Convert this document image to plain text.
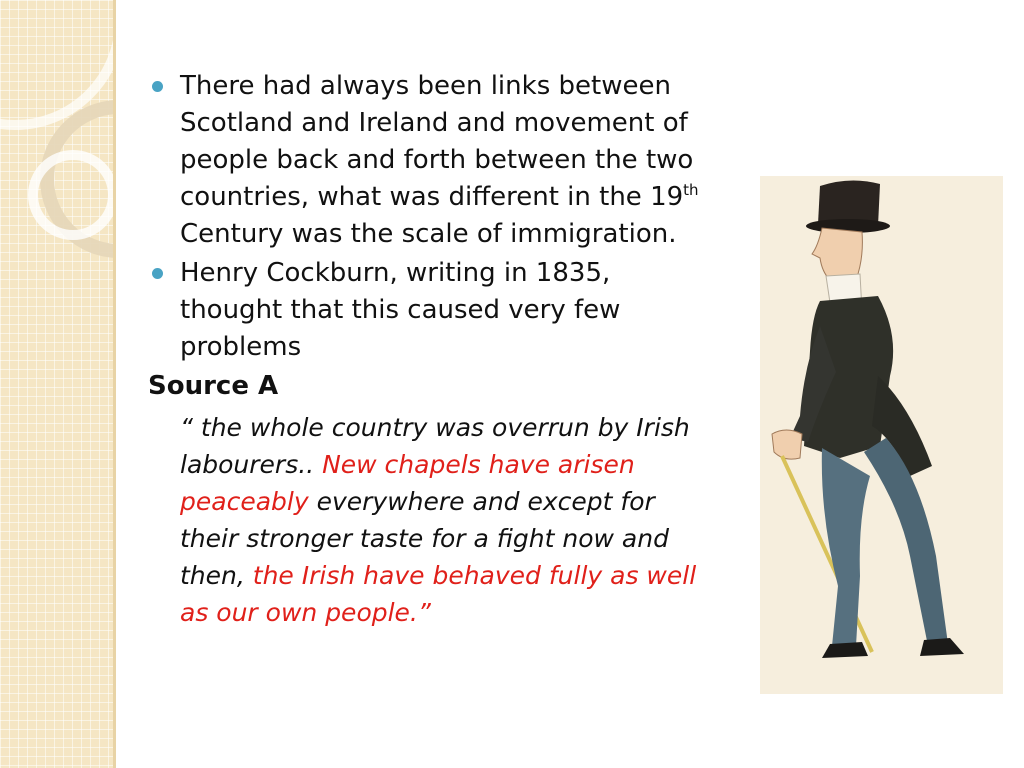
There had always been links between Scotland and Ireland and movement of people back and forth between the two countries, what was different in the 19th Century was the scale of immigration.
Henry Cockburn, writing in 1835, thought that this caused very few problems

Source A

“ the whole country was overrun by Irish labourers.. New chapels have arisen peaceably everywhere and except for their stronger taste for a fight now and then, the Irish have behaved fully as well as our own people.”
